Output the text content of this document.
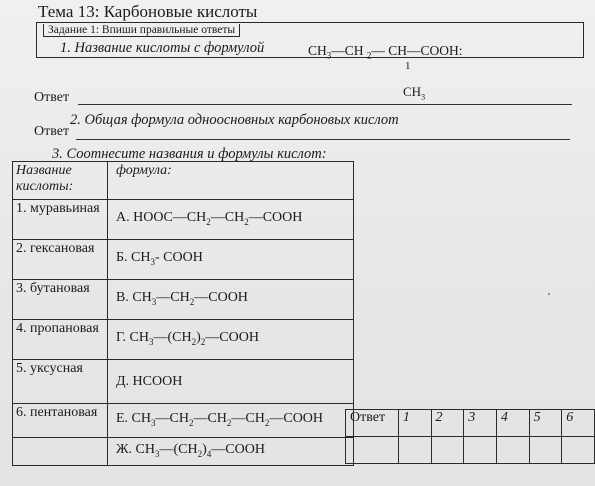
Тема 13: Карбоновые кислоты
Задание 1: Впиши правильные ответы
1. Название кислоты с формулой	$CH_3—CH$ $_2$— CH—COOH:
1
$CH_3$
Ответ
2. Общая формула одноосновных карбоновых кислот
Ответ
3. Соотнесите названия и формулы кислот:
Название кислоты:	формула:
1. муравьиная	А. $HOOC—CH_2—CH_2—COOH$
2. гексановая	Б. $CH_3-$ COOH
3. бутановая	В. $CH_3—CH_2—COOH$
4. пропановая	Г. $CH_3—(CH_2)_2—COOH$
5. уксусная	Д. HCOOH
6. пентановая	Е. $CH_3—CH_2—CH_2—CH_2—COOH$
	Ж. $CH_3—(CH_2)_4—COOH$
Ответ	1	2	3	4	5	6
